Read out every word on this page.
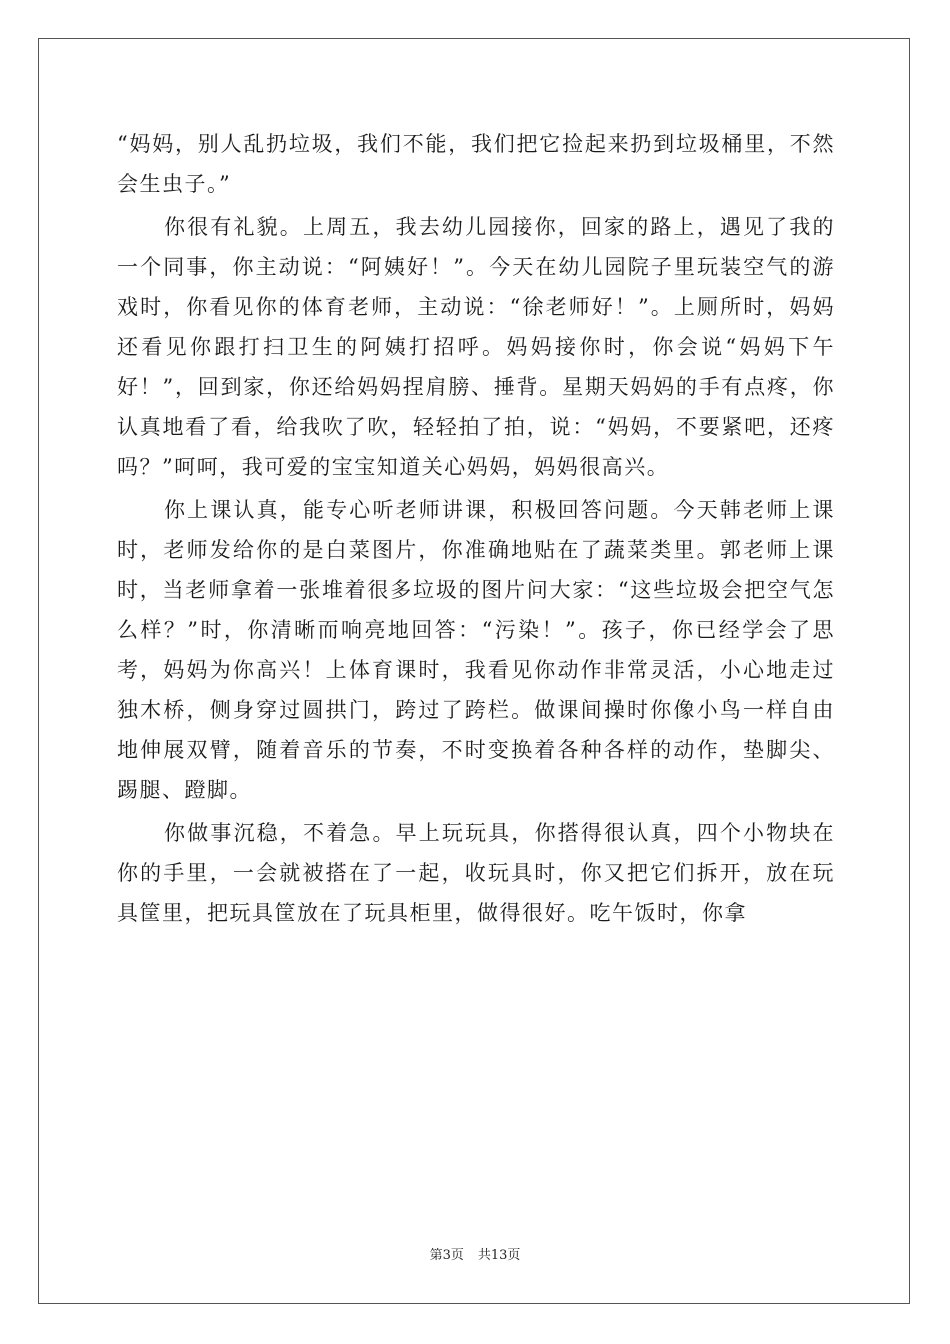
“妈妈，别人乱扔垃圾，我们不能，我们把它捡起来扔到垃圾桶里，不然会生虫子。”

你很有礼貌。上周五，我去幼儿园接你，回家的路上，遇见了我的一个同事，你主动说：“阿姨好！”。今天在幼儿园院子里玩装空气的游戏时，你看见你的体育老师，主动说：“徐老师好！”。上厕所时，妈妈还看见你跟打扫卫生的阿姨打招呼。妈妈接你时，你会说“妈妈下午好！”，回到家，你还给妈妈捏肩膀、捶背。星期天妈妈的手有点疼，你认真地看了看，给我吹了吹，轻轻拍了拍，说：“妈妈，不要紧吧，还疼吗？”呵呵，我可爱的宝宝知道关心妈妈，妈妈很高兴。

你上课认真，能专心听老师讲课，积极回答问题。今天韩老师上课时，老师发给你的是白菜图片，你准确地贴在了蔬菜类里。郭老师上课时，当老师拿着一张堆着很多垃圾的图片问大家：“这些垃圾会把空气怎么样？”时，你清晰而响亮地回答：“污染！”。孩子，你已经学会了思考，妈妈为你高兴！上体育课时，我看见你动作非常灵活，小心地走过独木桥，侧身穿过圆拱门，跨过了跨栏。做课间操时你像小鸟一样自由地伸展双臂，随着音乐的节奏，不时变换着各种各样的动作，垫脚尖、踢腿、蹬脚。

你做事沉稳，不着急。早上玩玩具，你搭得很认真，四个小物块在你的手里，一会就被搭在了一起，收玩具时，你又把它们拆开，放在玩具筐里，把玩具筐放在了玩具柜里，做得很好。吃午饭时，你拿

第3页 共13页
